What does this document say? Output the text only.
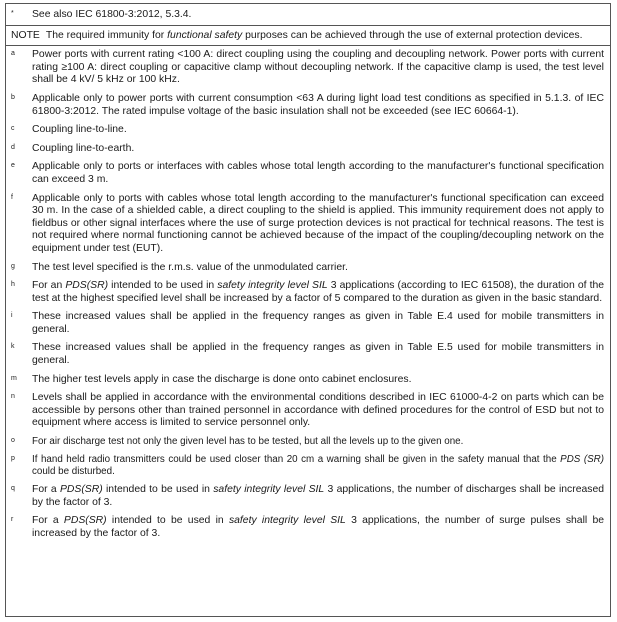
*	See also IEC 61800-3:2012, 5.3.4.
NOTE The required immunity for functional safety purposes can be achieved through the use of external protection devices.
a	Power ports with current rating <100 A: direct coupling using the coupling and decoupling network. Power ports with current rating ≥100 A: direct coupling or capacitive clamp without decoupling network. If the capacitive clamp is used, the test level shall be 4 kV/ 5 kHz or 100 kHz.
b	Applicable only to power ports with current consumption <63 A during light load test conditions as specified in 5.1.3. of IEC 61800-3:2012. The rated impulse voltage of the basic insulation shall not be exceeded (see IEC 60664-1).
c	Coupling line-to-line.
d	Coupling line-to-earth.
e	Applicable only to ports or interfaces with cables whose total length according to the manufacturer's functional specification can exceed 3 m.
f	Applicable only to ports with cables whose total length according to the manufacturer's functional specification can exceed 30 m. In the case of a shielded cable, a direct coupling to the shield is applied. This immunity requirement does not apply to fieldbus or other signal interfaces where the use of surge protection devices is not practical for technical reasons. The test is not required where normal functioning cannot be achieved because of the impact of the coupling/decoupling network on the equipment under test (EUT).
g	The test level specified is the r.m.s. value of the unmodulated carrier.
h	For an PDS(SR) intended to be used in safety integrity level SIL 3 applications (according to IEC 61508), the duration of the test at the highest specified level shall be increased by a factor of 5 compared to the duration as given in the basic standard.
i	These increased values shall be applied in the frequency ranges as given in Table E.4 used for mobile transmitters in general.
k	These increased values shall be applied in the frequency ranges as given in Table E.5 used for mobile transmitters in general.
m	The higher test levels apply in case the discharge is done onto cabinet enclosures.
n	Levels shall be applied in accordance with the environmental conditions described in IEC 61000-4-2 on parts which can be accessible by persons other than trained personnel in accordance with defined procedures for the control of ESD but not to equipment where access is limited to service personnel only.
o	For air discharge test not only the given level has to be tested, but all the levels up to the given one.
p	If hand held radio transmitters could be used closer than 20 cm a warning shall be given in the safety manual that the PDS (SR) could be disturbed.
q	For a PDS(SR) intended to be used in safety integrity level SIL 3 applications, the number of discharges shall be increased by the factor of 3.
r	For a PDS(SR) intended to be used in safety integrity level SIL 3 applications, the number of surge pulses shall be increased by the factor of 3.
